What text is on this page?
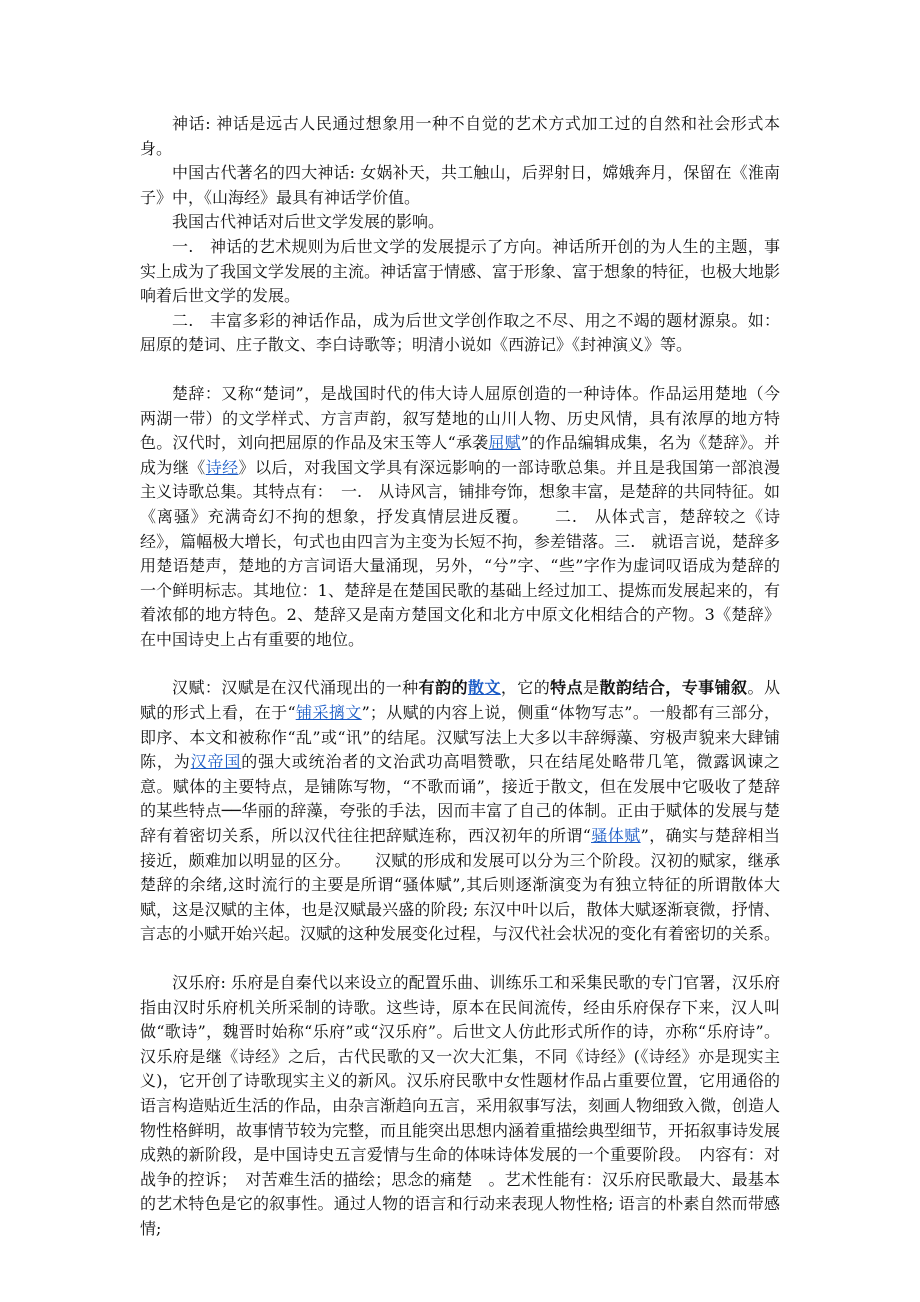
神话: 神话是远古人民通过想象用一种不自觉的艺术方式加工过的自然和社会形式本身。

中国古代著名的四大神话: 女娲补天，共工触山，后羿射日，嫦娥奔月，保留在《淮南子》中，《山海经》最具有神话学价值。

我国古代神话对后世文学发展的影响。

一.　神话的艺术规则为后世文学的发展提示了方向。神话所开创的为人生的主题，事实上成为了我国文学发展的主流。神话富于情感、富于形象、富于想象的特征，也极大地影响着后世文学的发展。

二.　丰富多彩的神话作品，成为后世文学创作取之不尽、用之不竭的题材源泉。如：屈原的楚词、庄子散文、李白诗歌等；明清小说如《西游记》《封神演义》等。

楚辞：又称“楚词”，是战国时代的伟大诗人屈原创造的一种诗体。作品运用楚地（今两湖一带）的文学样式、方言声韵，叙写楚地的山川人物、历史风情，具有浓厚的地方特色。汉代时，刘向把屈原的作品及宋玉等人“承袭屈赋”的作品编辑成集，名为《楚辞》。并成为继《诗经》以后，对我国文学具有深远影响的一部诗歌总集。并且是我国第一部浪漫主义诗歌总集。其特点有：　一.　从诗风言，铺排夸饰，想象丰富，是楚辞的共同特征。如《离骚》充满奇幻不拘的想象，抒发真情层进反覆。　　二.　从体式言，楚辞较之《诗经》，篇幅极大增长，句式也由四言为主变为长短不拘，参差错落。三.　就语言说，楚辞多用楚语楚声，楚地的方言词语大量涌现，另外，“兮”字、“些”字作为虚词叹语成为楚辞的一个鲜明标志。其地位：1、楚辞是在楚国民歌的基础上经过加工、提炼而发展起来的，有着浓郁的地方特色。2、楚辞又是南方楚国文化和北方中原文化相结合的产物。3《楚辞》在中国诗史上占有重要的地位。

汉赋：汉赋是在汉代涌现出的一种有韵的散文，它的特点是散韵结合，专事铺叙。从赋的形式上看，在于“铺采摛文”；从赋的内容上说，侧重“体物写志”。一般都有三部分，即序、本文和被称作“乱”或“讯”的结尾。汉赋写法上大多以丰辞缛藻、穷极声貌来大肆铺陈，为汉帝国的强大或统治者的文治武功高唱赞歌，只在结尾处略带几笔，微露讽谏之意。赋体的主要特点，是铺陈写物，“不歌而诵”，接近于散文，但在发展中它吸收了楚辞的某些特点──华丽的辞藻，夸张的手法，因而丰富了自己的体制。正由于赋体的发展与楚辞有着密切关系，所以汉代往往把辞赋连称，西汉初年的所谓“骚体赋”，确实与楚辞相当接近，颇难加以明显的区分。　　汉赋的形成和发展可以分为三个阶段。汉初的赋家，继承楚辞的余绪,这时流行的主要是所谓“骚体赋”,其后则逐渐演变为有独立特征的所谓散体大赋，这是汉赋的主体，也是汉赋最兴盛的阶段; 东汉中叶以后，散体大赋逐渐衰微，抒情、言志的小赋开始兴起。汉赋的这种发展变化过程，与汉代社会状况的变化有着密切的关系。

汉乐府: 乐府是自秦代以来设立的配置乐曲、训练乐工和采集民歌的专门官署，汉乐府指由汉时乐府机关所采制的诗歌。这些诗，原本在民间流传，经由乐府保存下来，汉人叫做“歌诗”，魏晋时始称“乐府”或“汉乐府”。后世文人仿此形式所作的诗，亦称“乐府诗”。汉乐府是继《诗经》之后，古代民歌的又一次大汇集，不同《诗经》(《诗经》亦是现实主义)，它开创了诗歌现实主义的新风。汉乐府民歌中女性题材作品占重要位置，它用通俗的语言构造贴近生活的作品，由杂言渐趋向五言，采用叙事写法，刻画人物细致入微，创造人物性格鲜明，故事情节较为完整，而且能突出思想内涵着重描绘典型细节，开拓叙事诗发展成熟的新阶段，是中国诗史五言爱情与生命的体味诗体发展的一个重要阶段。　内容有：对战争的控诉；　对苦难生活的描绘；思念的痛楚　。艺术性能有：汉乐府民歌最大、最基本的艺术特色是它的叙事性。通过人物的语言和行动来表现人物性格; 语言的朴素自然而带感情;
